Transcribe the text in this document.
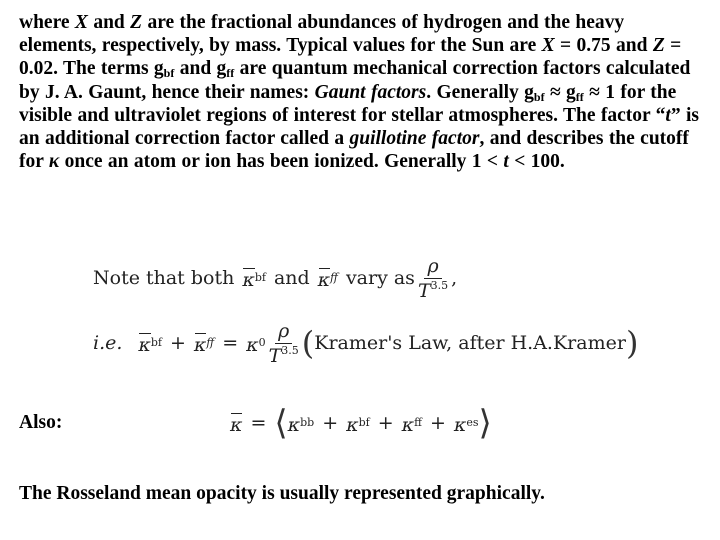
where X and Z are the fractional abundances of hydrogen and the heavy elements, respectively, by mass. Typical values for the Sun are X = 0.75 and Z = 0.02. The terms $g_{bf}$ and $g_{ff}$ are quantum mechanical correction factors calculated by J. A. Gaunt, hence their names: Gaunt factors. Generally $g_{bf} \approx g_{ff} \approx 1$ for the visible and ultraviolet regions of interest for stellar atmospheres. The factor “t” is an additional correction factor called a guillotine factor, and describes the cutoff for κ once an atom or ion has been ionized. Generally 1 < t < 100.
Note that both κ bf and κ ff vary as $\frac{\rho}{T^{3.5}}$ ,
i.e. κ bf + κ ff = κ $0 \frac{\rho}{T^{3.5}}$ ( Kramer's Law, after H.A.Kramer )
Also:	κ = ⟨ κ bb + κ bf + κ ff + κ es ⟩
The Rosseland mean opacity is usually represented graphically.
